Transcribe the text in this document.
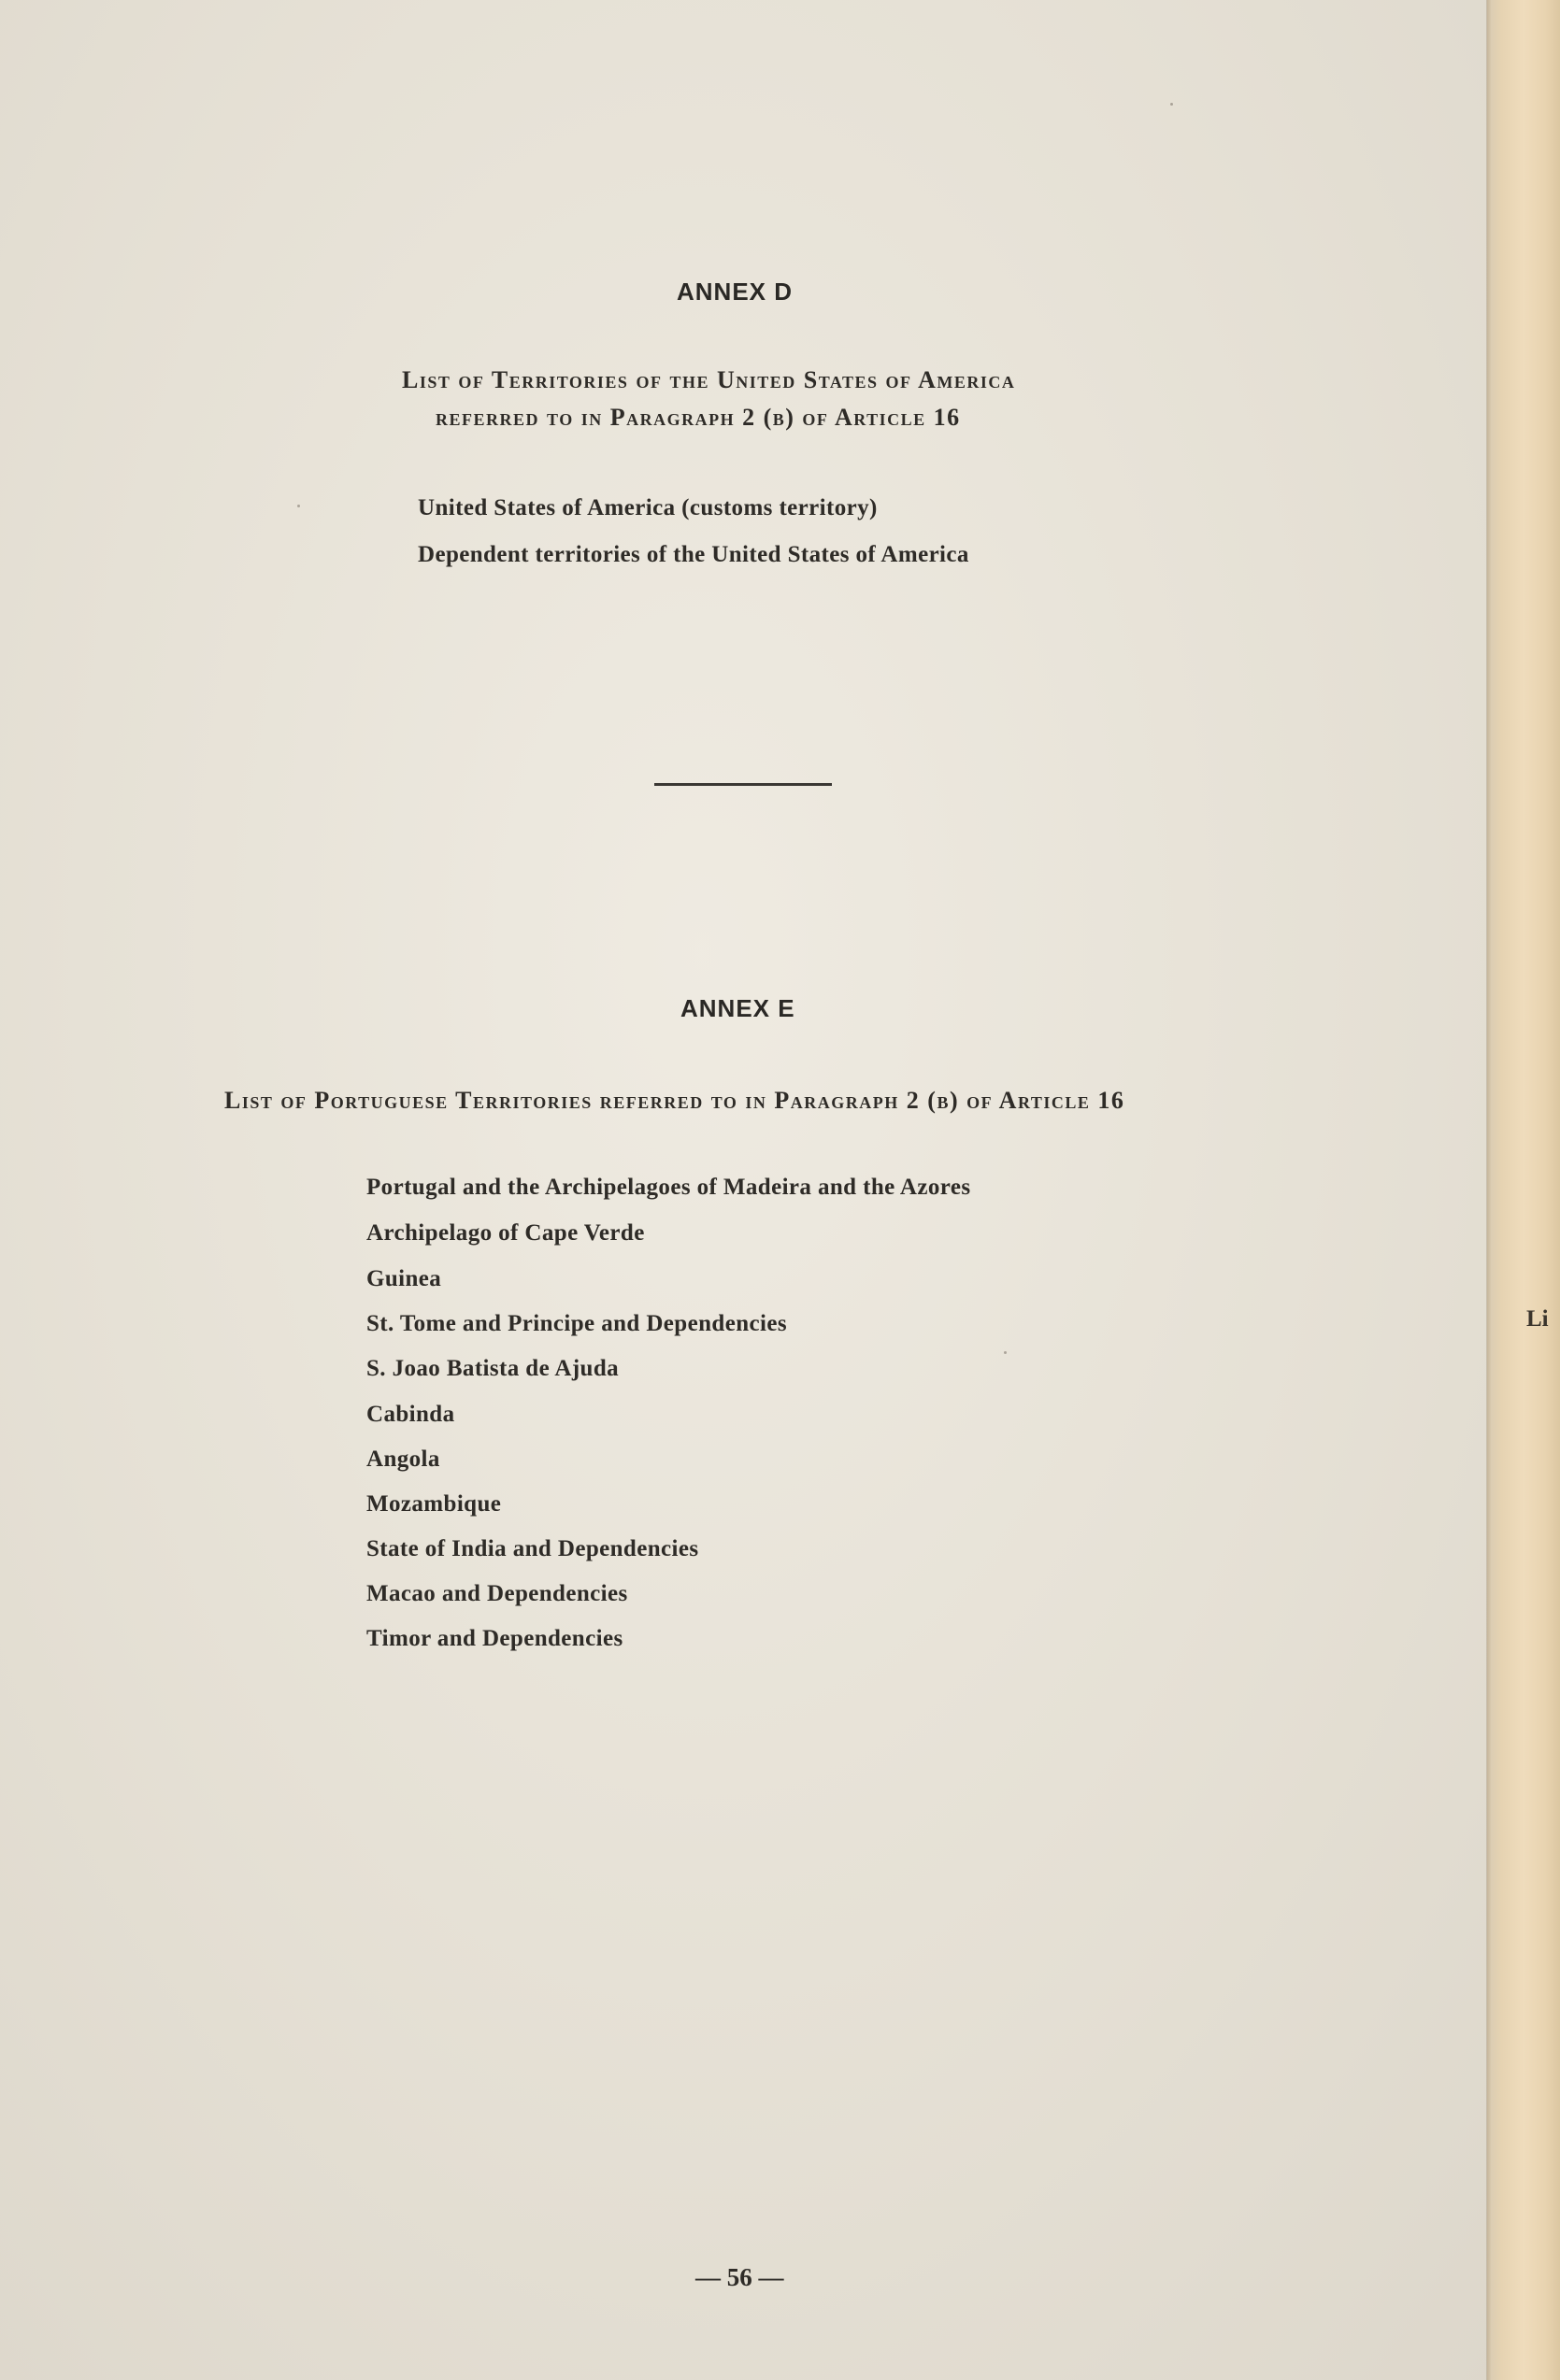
ANNEX D
List of Territories of the United States of America
referred to in Paragraph 2 (b) of Article 16
United States of America (customs territory)
Dependent territories of the United States of America
ANNEX E
List of Portuguese Territories referred to in Paragraph 2 (b) of Article 16
Portugal and the Archipelagoes of Madeira and the Azores
Archipelago of Cape Verde
Guinea
St. Tome and Principe and Dependencies
S. Joao Batista de Ajuda
Cabinda
Angola
Mozambique
State of India and Dependencies
Macao and Dependencies
Timor and Dependencies
— 56 —
Li
